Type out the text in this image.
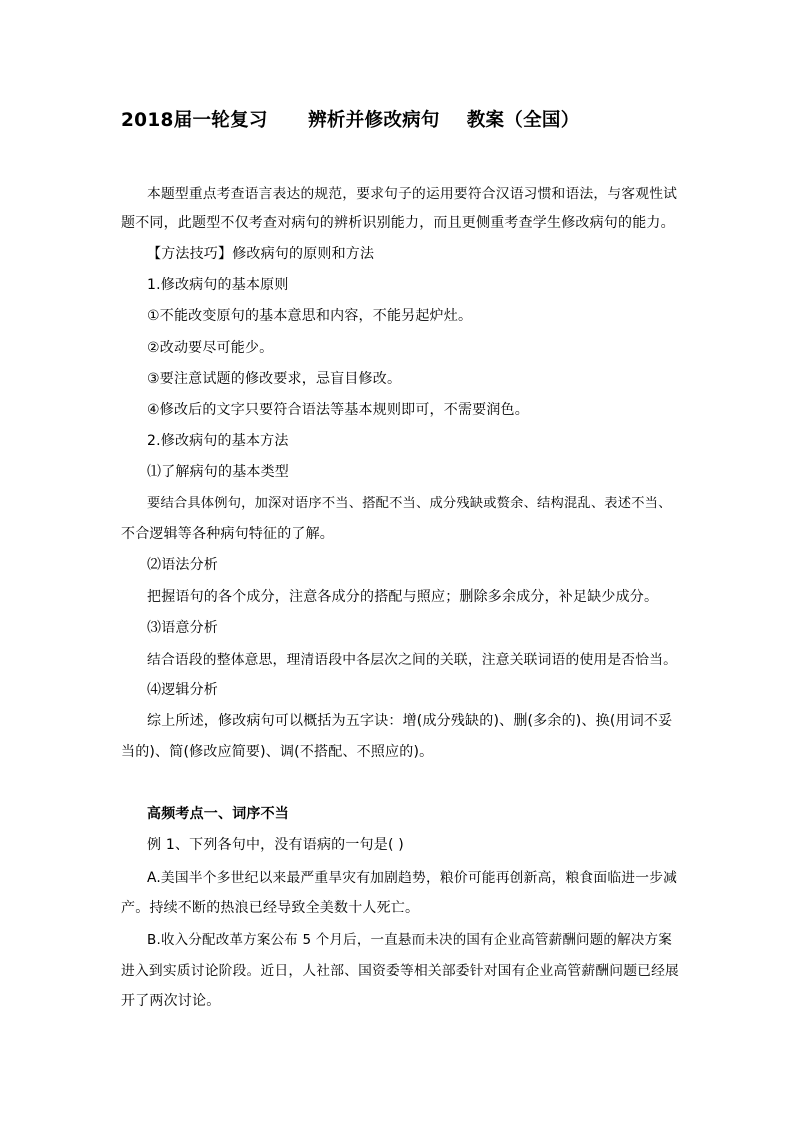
2018届一轮复习      辨析并修改病句    教案（全国）
本题型重点考查语言表达的规范，要求句子的运用要符合汉语习惯和语法，与客观性试
题不同，此题型不仅考查对病句的辨析识别能力，而且更侧重考查学生修改病句的能力。
【方法技巧】修改病句的原则和方法
1.修改病句的基本原则
①不能改变原句的基本意思和内容，不能另起炉灶。
②改动要尽可能少。
③要注意试题的修改要求，忌盲目修改。
④修改后的文字只要符合语法等基本规则即可，不需要润色。
2.修改病句的基本方法
⑴了解病句的基本类型
要结合具体例句，加深对语序不当、搭配不当、成分残缺或赘余、结构混乱、表述不当、
不合逻辑等各种病句特征的了解。
⑵语法分析
把握语句的各个成分，注意各成分的搭配与照应；删除多余成分，补足缺少成分。
⑶语意分析
结合语段的整体意思，理清语段中各层次之间的关联，注意关联词语的使用是否恰当。
⑷逻辑分析
综上所述，修改病句可以概括为五字诀：增(成分残缺的)、删(多余的)、换(用词不妥
当的)、简(修改应简要)、调(不搭配、不照应的)。
高频考点一、词序不当
例 1、下列各句中，没有语病的一句是( )
A.美国半个多世纪以来最严重旱灾有加剧趋势，粮价可能再创新高，粮食面临进一步减
产。持续不断的热浪已经导致全美数十人死亡。
B.收入分配改革方案公布 5 个月后，一直悬而未决的国有企业高管薪酬问题的解决方案
进入到实质讨论阶段。近日，人社部、国资委等相关部委针对国有企业高管薪酬问题已经展
开了两次讨论。
